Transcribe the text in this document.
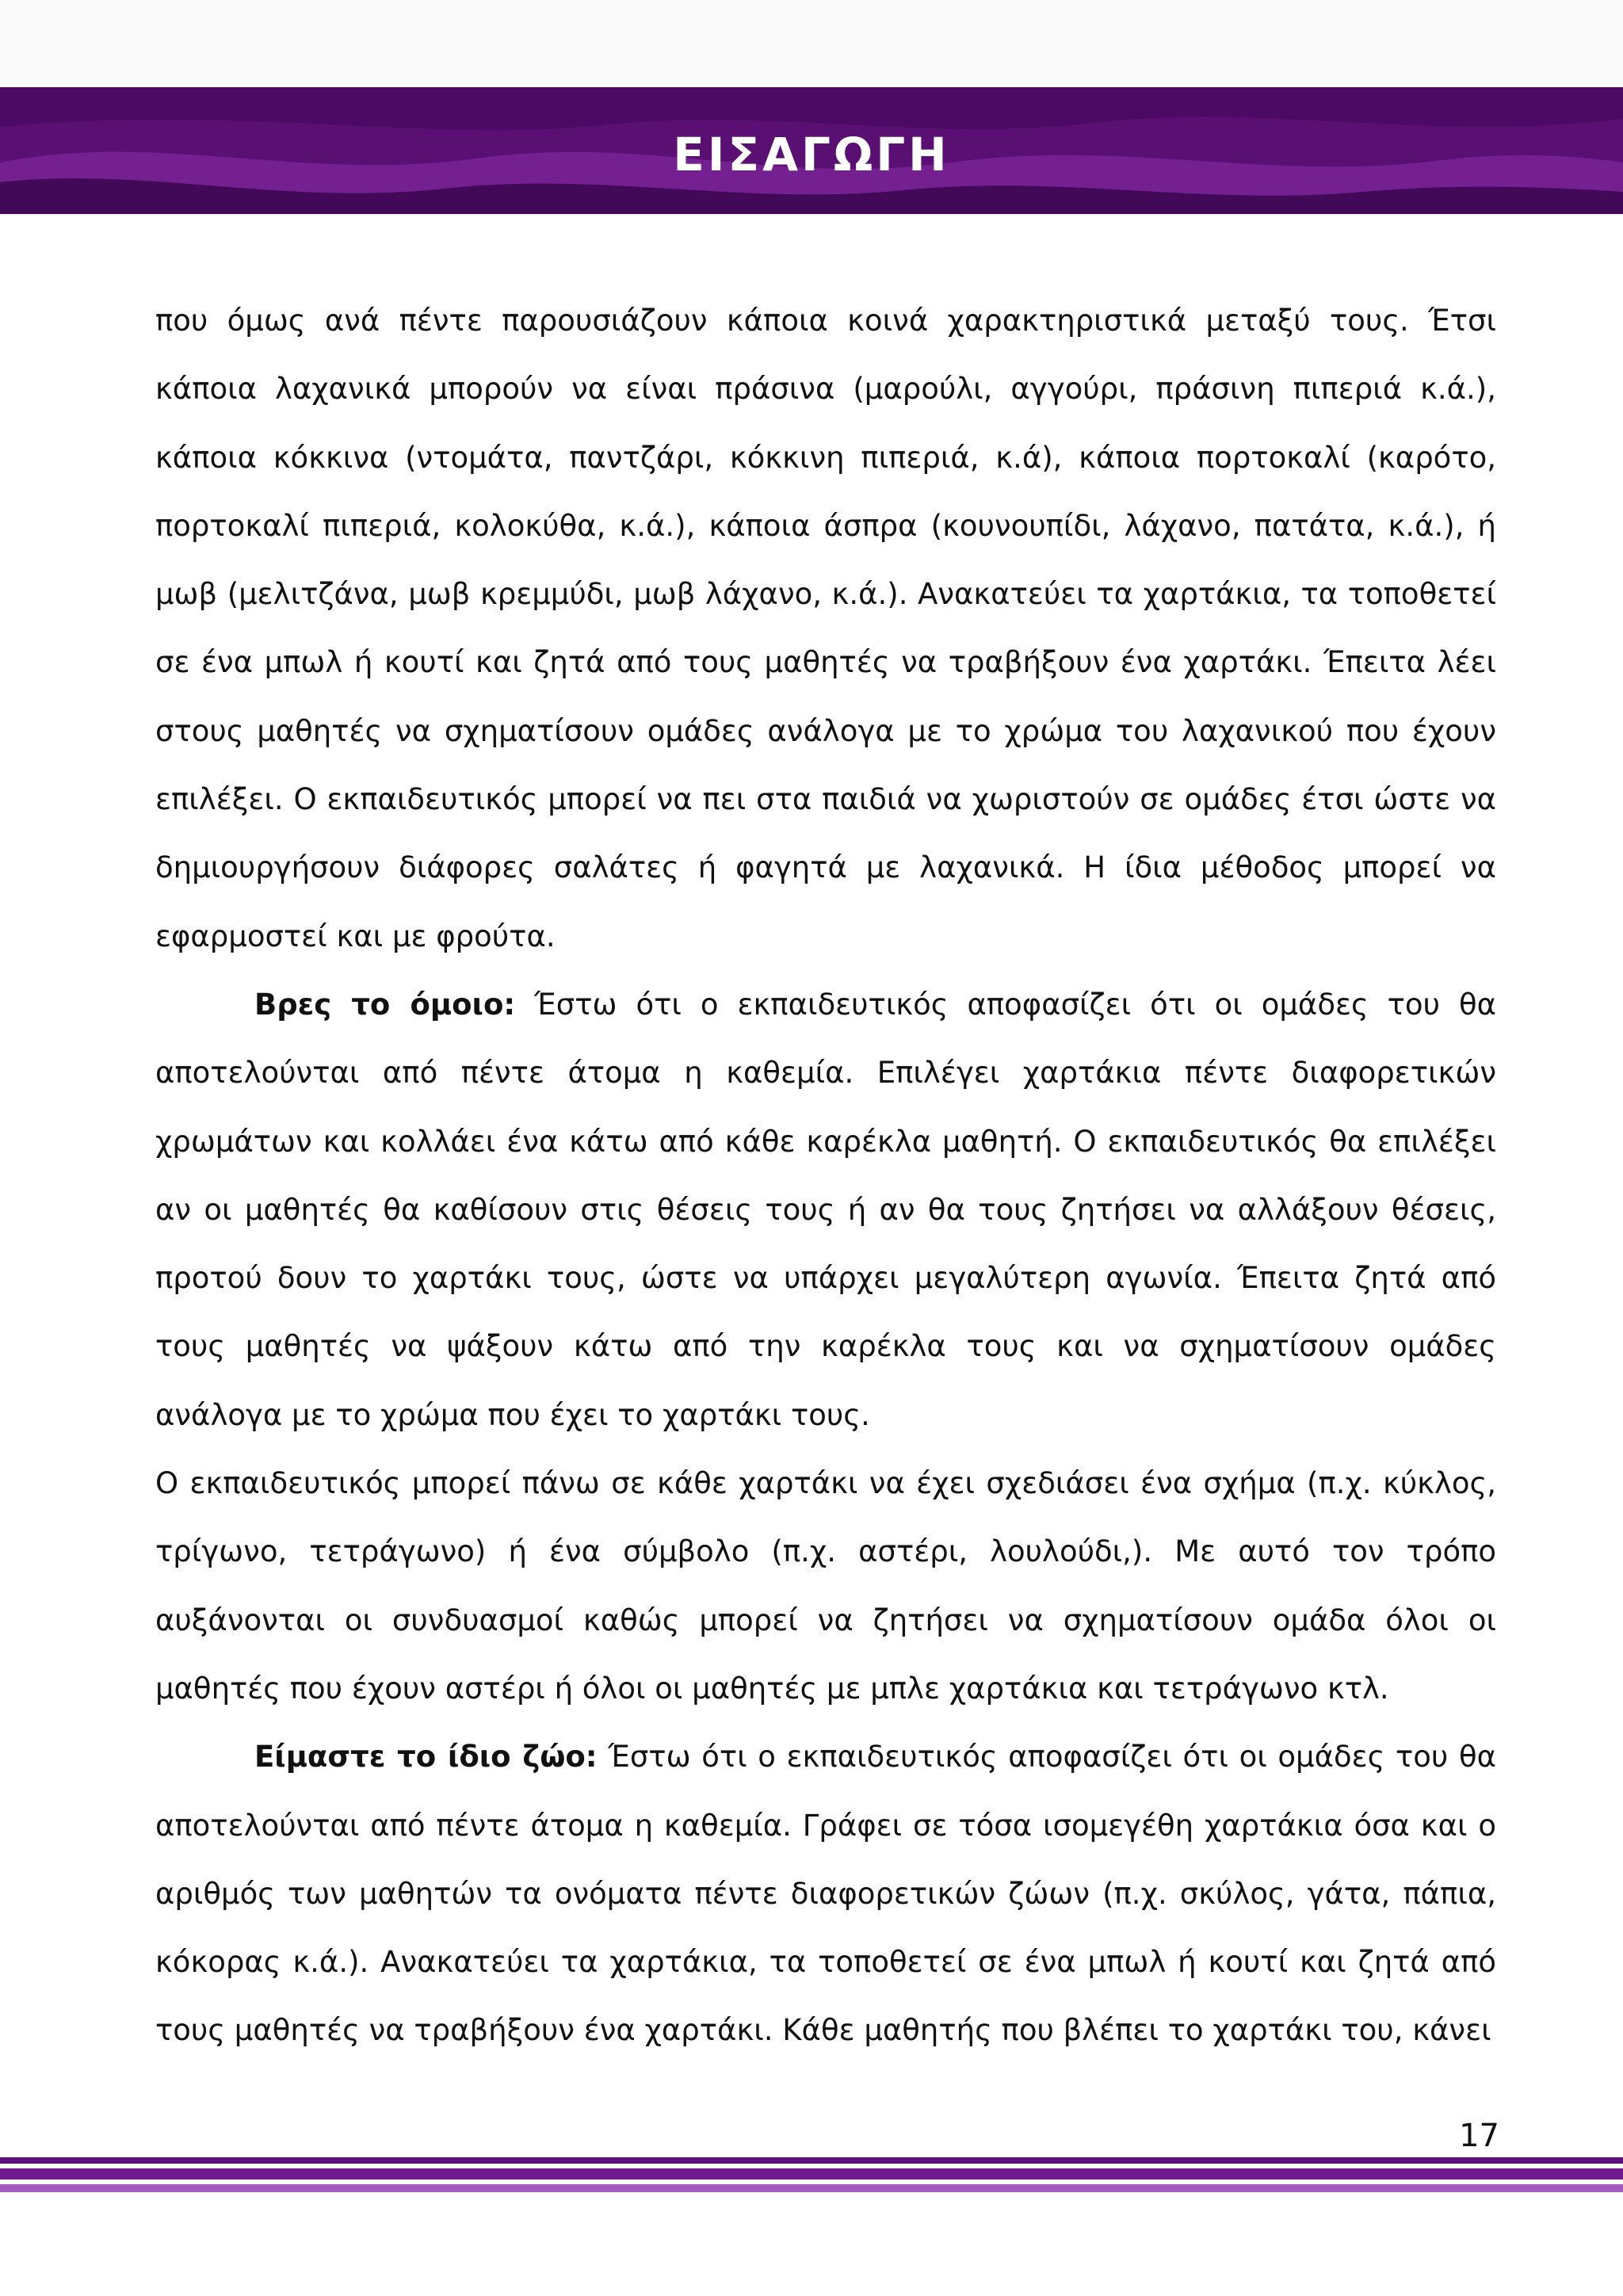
ΕΙΣΑΓΩΓΗ

που όμως ανά πέντε παρουσιάζουν κάποια κοινά χαρακτηριστικά μεταξύ τους. Έτσι κάποια λαχανικά μπορούν να είναι πράσινα (μαρούλι, αγγούρι, πράσινη πιπεριά κ.ά.), κάποια κόκκινα (ντομάτα, παντζάρι, κόκκινη πιπεριά, κ.ά), κάποια πορτοκαλί (καρότο, πορτοκαλί πιπεριά, κολοκύθα, κ.ά.), κάποια άσπρα (κουνουπίδι, λάχανο, πατάτα, κ.ά.), ή μωβ (μελιτζάνα, μωβ κρεμμύδι, μωβ λάχανο, κ.ά.). Ανακατεύει τα χαρτάκια, τα τοποθετεί σε ένα μπωλ ή κουτί και ζητά από τους μαθητές να τραβήξουν ένα χαρτάκι. Έπειτα λέει στους μαθητές να σχηματίσουν ομάδες ανάλογα με το χρώμα του λαχανικού που έχουν επιλέξει. Ο εκπαιδευτικός μπορεί να πει στα παιδιά να χωριστούν σε ομάδες έτσι ώστε να δημιουργήσουν διάφορες σαλάτες ή φαγητά με λαχανικά. Η ίδια μέθοδος μπορεί να εφαρμοστεί και με φρούτα.

Βρες το όμοιο: Έστω ότι ο εκπαιδευτικός αποφασίζει ότι οι ομάδες του θα αποτελούνται από πέντε άτομα η καθεμία. Επιλέγει χαρτάκια πέντε διαφορετικών χρωμάτων και κολλάει ένα κάτω από κάθε καρέκλα μαθητή. Ο εκπαιδευτικός θα επιλέξει αν οι μαθητές θα καθίσουν στις θέσεις τους ή αν θα τους ζητήσει να αλλάξουν θέσεις, προτού δουν το χαρτάκι τους, ώστε να υπάρχει μεγαλύτερη αγωνία. Έπειτα ζητά από τους μαθητές να ψάξουν κάτω από την καρέκλα τους και να σχηματίσουν ομάδες ανάλογα με το χρώμα που έχει το χαρτάκι τους.

Ο εκπαιδευτικός μπορεί πάνω σε κάθε χαρτάκι να έχει σχεδιάσει ένα σχήμα (π.χ. κύκλος, τρίγωνο, τετράγωνο) ή ένα σύμβολο (π.χ. αστέρι, λουλούδι,). Με αυτό τον τρόπο αυξάνονται οι συνδυασμοί καθώς μπορεί να ζητήσει να σχηματίσουν ομάδα όλοι οι μαθητές που έχουν αστέρι ή όλοι οι μαθητές με μπλε χαρτάκια και τετράγωνο κτλ.

Είμαστε το ίδιο ζώο: Έστω ότι ο εκπαιδευτικός αποφασίζει ότι οι ομάδες του θα αποτελούνται από πέντε άτομα η καθεμία. Γράφει σε τόσα ισομεγέθη χαρτάκια όσα και ο αριθμός των μαθητών τα ονόματα πέντε διαφορετικών ζώων (π.χ. σκύλος, γάτα, πάπια, κόκορας κ.ά.). Ανακατεύει τα χαρτάκια, τα τοποθετεί σε ένα μπωλ ή κουτί και ζητά από τους μαθητές να τραβήξουν ένα χαρτάκι. Κάθε μαθητής που βλέπει το χαρτάκι του, κάνει

17
